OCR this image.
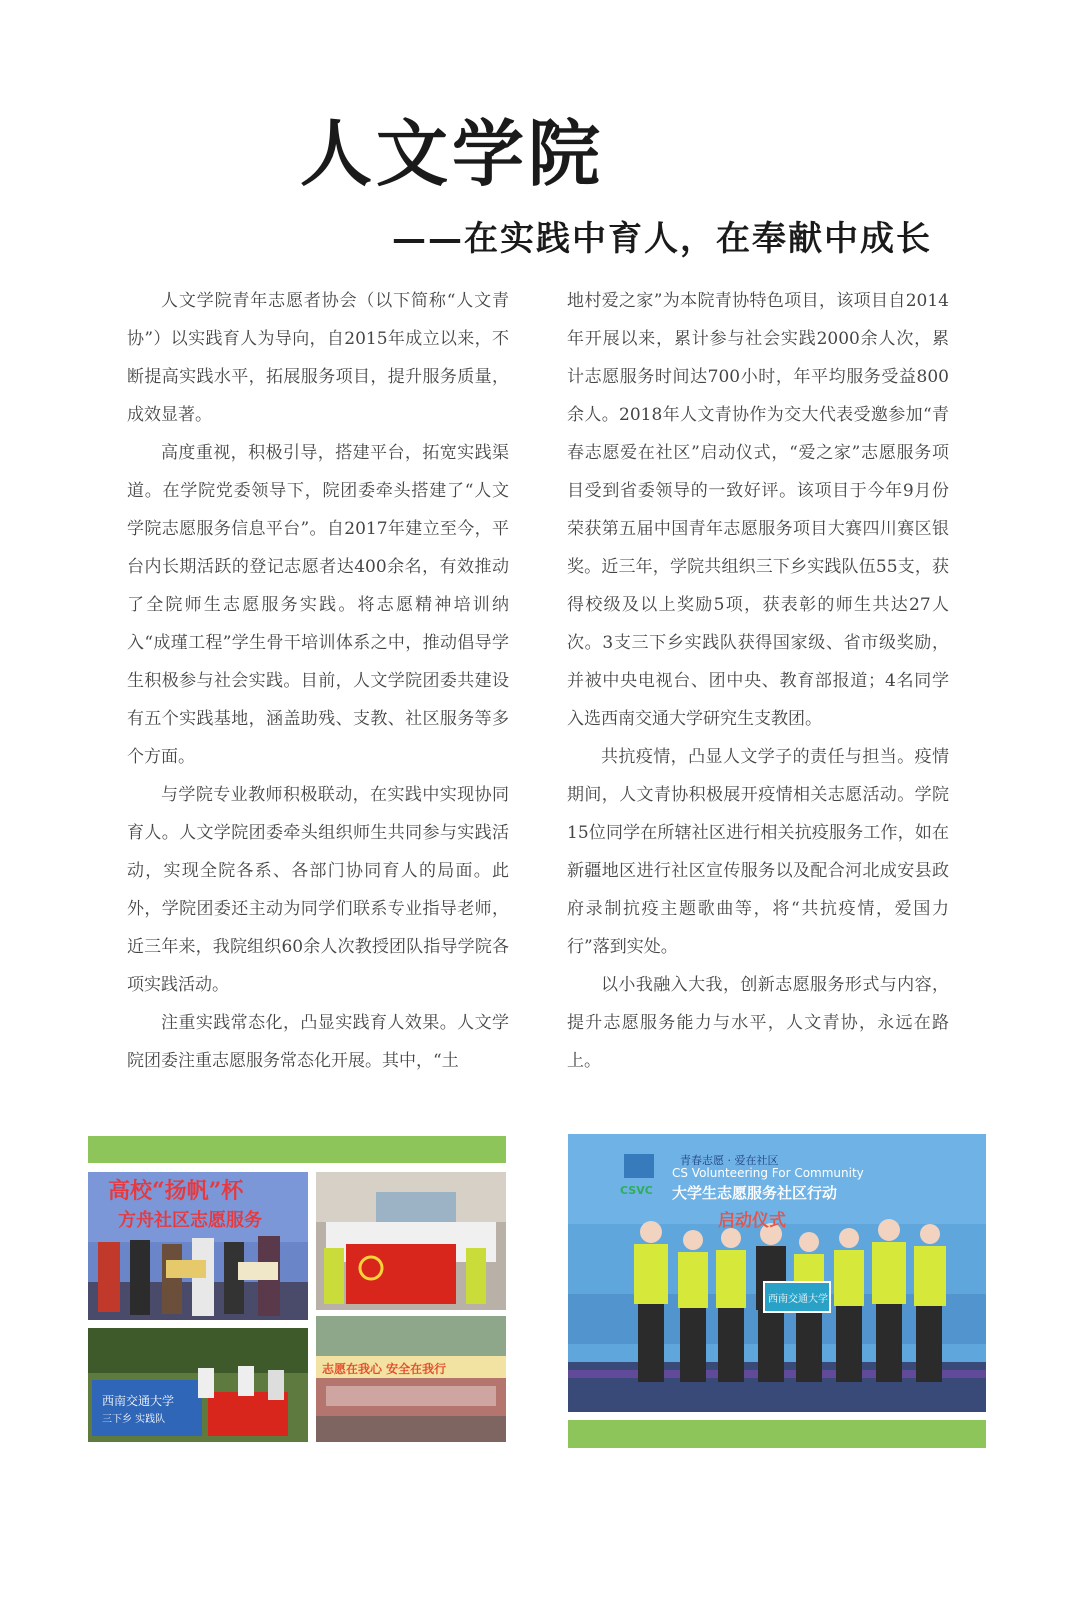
人文学院
——在实践中育人，在奉献中成长

人文学院青年志愿者协会（以下简称“人文青协”）以实践育人为导向，自2015年成立以来，不断提高实践水平，拓展服务项目，提升服务质量，成效显著。

高度重视，积极引导，搭建平台，拓宽实践渠道。在学院党委领导下，院团委牵头搭建了“人文学院志愿服务信息平台”。自2017年建立至今，平台内长期活跃的登记志愿者达400余名，有效推动了全院师生志愿服务实践。将志愿精神培训纳入“成瑾工程”学生骨干培训体系之中，推动倡导学生积极参与社会实践。目前，人文学院团委共建设有五个实践基地，涵盖助残、支教、社区服务等多个方面。

与学院专业教师积极联动，在实践中实现协同育人。人文学院团委牵头组织师生共同参与实践活动，实现全院各系、各部门协同育人的局面。此外，学院团委还主动为同学们联系专业指导老师，近三年来，我院组织60余人次教授团队指导学院各项实践活动。

注重实践常态化，凸显实践育人效果。人文学院团委注重志愿服务常态化开展。其中，“土

地村爱之家”为本院青协特色项目，该项目自2014年开展以来，累计参与社会实践2000余人次，累计志愿服务时间达700小时，年平均服务受益800余人。2018年人文青协作为交大代表受邀参加“青春志愿爱在社区”启动仪式，“爱之家”志愿服务项目受到省委领导的一致好评。该项目于今年9月份荣获第五届中国青年志愿服务项目大赛四川赛区银奖。近三年，学院共组织三下乡实践队伍55支，获得校级及以上奖励5项，获表彰的师生共达27人次。3支三下乡实践队获得国家级、省市级奖励，并被中央电视台、团中央、教育部报道；4名同学入选西南交通大学研究生支教团。

共抗疫情，凸显人文学子的责任与担当。疫情期间，人文青协积极展开疫情相关志愿活动。学院15位同学在所辖社区进行相关抗疫服务工作，如在新疆地区进行社区宣传服务以及配合河北成安县政府录制抗疫主题歌曲等，将“共抗疫情，爱国力行”落到实处。

以小我融入大我，创新志愿服务形式与内容，提升志愿服务能力与水平，人文青协，永远在路上。

高校“扬帆”杯
方舟社区志愿服务
西南交通大学
三下乡 实践队
志愿在我心 安全在我行
CSVC
青春志愿 · 爱在社区
CS Volunteering For Community
大学生志愿服务社区行动
启动仪式
西南交通大学
